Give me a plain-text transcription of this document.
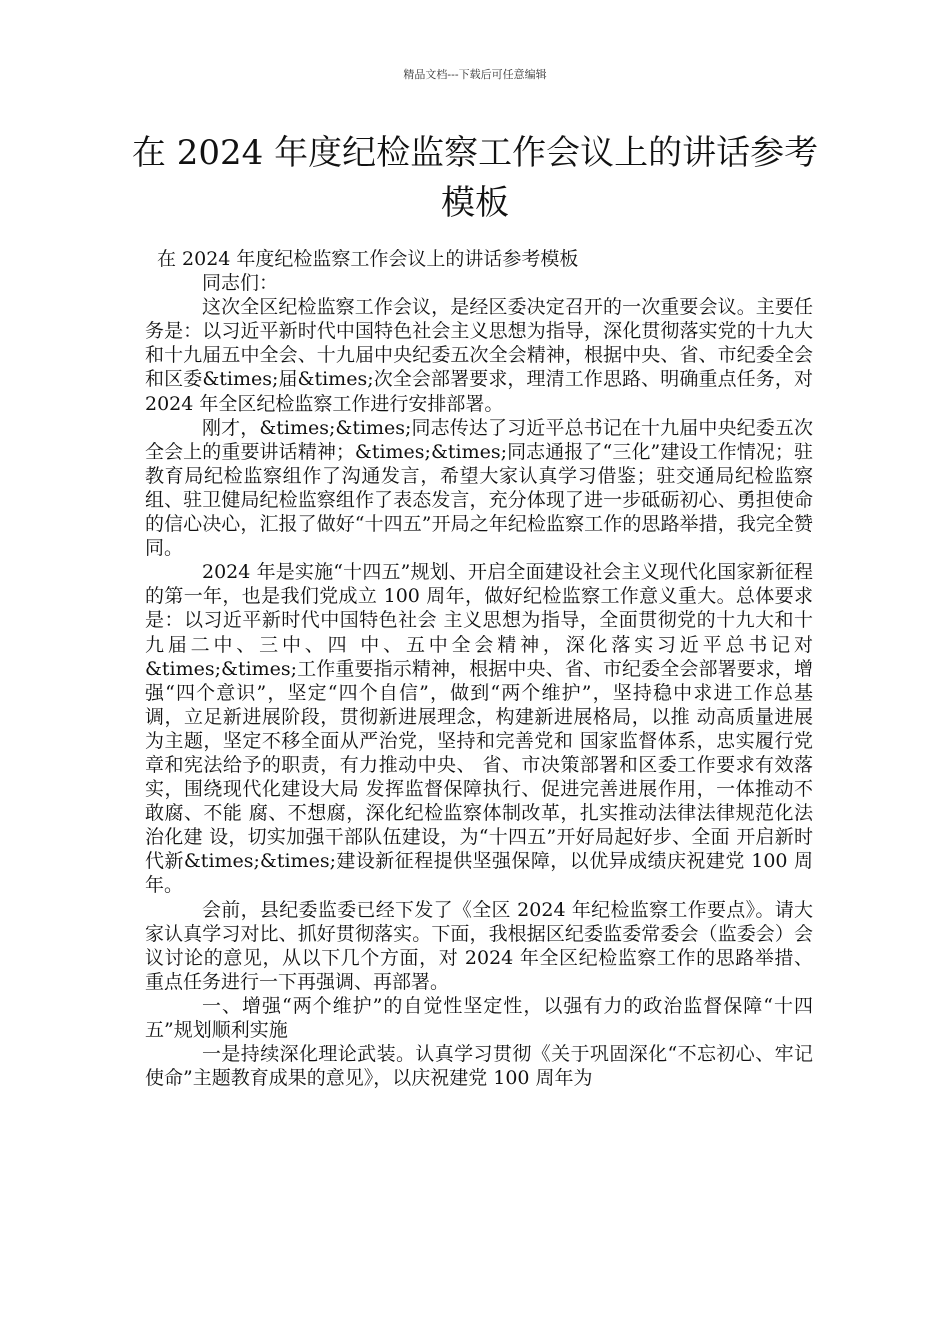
精品文档---下载后可任意编辑
在 2024 年度纪检监察工作会议上的讲话参考模板

在 2024 年度纪检监察工作会议上的讲话参考模板

同志们：

这次全区纪检监察工作会议，是经区委决定召开的一次重要会议。主要任务是：以习近平新时代中国特色社会主义思想为指导，深化贯彻落实党的十九大和十九届五中全会、十九届中央纪委五次全会精神，根据中央、省、市纪委全会和区委&times;届&times;次全会部署要求，理清工作思路、明确重点任务，对 2024 年全区纪检监察工作进行安排部署。

刚才，&times;&times;同志传达了习近平总书记在十九届中央纪委五次全会上的重要讲话精神；&times;&times;同志通报了“三化”建设工作情况；驻教育局纪检监察组作了沟通发言，希望大家认真学习借鉴；驻交通局纪检监察组、驻卫健局纪检监察组作了表态发言，充分体现了进一步砥砺初心、勇担使命的信心决心，汇报了做好“十四五”开局之年纪检监察工作的思路举措，我完全赞同。

2024 年是实施“十四五”规划、开启全面建设社会主义现代化国家新征程的第一年，也是我们党成立 100 周年，做好纪检监察工作意义重大。总体要求是：以习近平新时代中国特色社会 主义思想为指导，全面贯彻党的十九大和十九届二中、三中、四 中、五中全会精神，深化落实习近平总书记对&times;&times;工作重要指示精神，根据中央、省、市纪委全会部署要求，增强“四个意识”，坚定“四个自信”，做到“两个维护”，坚持稳中求进工作总基 调，立足新进展阶段，贯彻新进展理念，构建新进展格局，以推 动高质量进展为主题，坚定不移全面从严治党，坚持和完善党和 国家监督体系，忠实履行党章和宪法给予的职责，有力推动中央、 省、市决策部署和区委工作要求有效落实，围绕现代化建设大局 发挥监督保障执行、促进完善进展作用，一体推动不敢腐、不能 腐、不想腐，深化纪检监察体制改革，扎实推动法律法律规范化法治化建 设，切实加强干部队伍建设，为“十四五”开好局起好步、全面 开启新时代新&times;&times;建设新征程提供坚强保障，以优异成绩庆祝建党 100 周年。

会前，县纪委监委已经下发了《全区 2024 年纪检监察工作要点》。请大家认真学习对比、抓好贯彻落实。下面，我根据区纪委监委常委会（监委会）会议讨论的意见，从以下几个方面，对 2024 年全区纪检监察工作的思路举措、重点任务进行一下再强调、再部署。

一、增强“两个维护”的自觉性坚定性，以强有力的政治监督保障“十四五”规划顺利实施

一是持续深化理论武装。认真学习贯彻《关于巩固深化“不忘初心、牢记使命”主题教育成果的意见》，以庆祝建党 100 周年为
